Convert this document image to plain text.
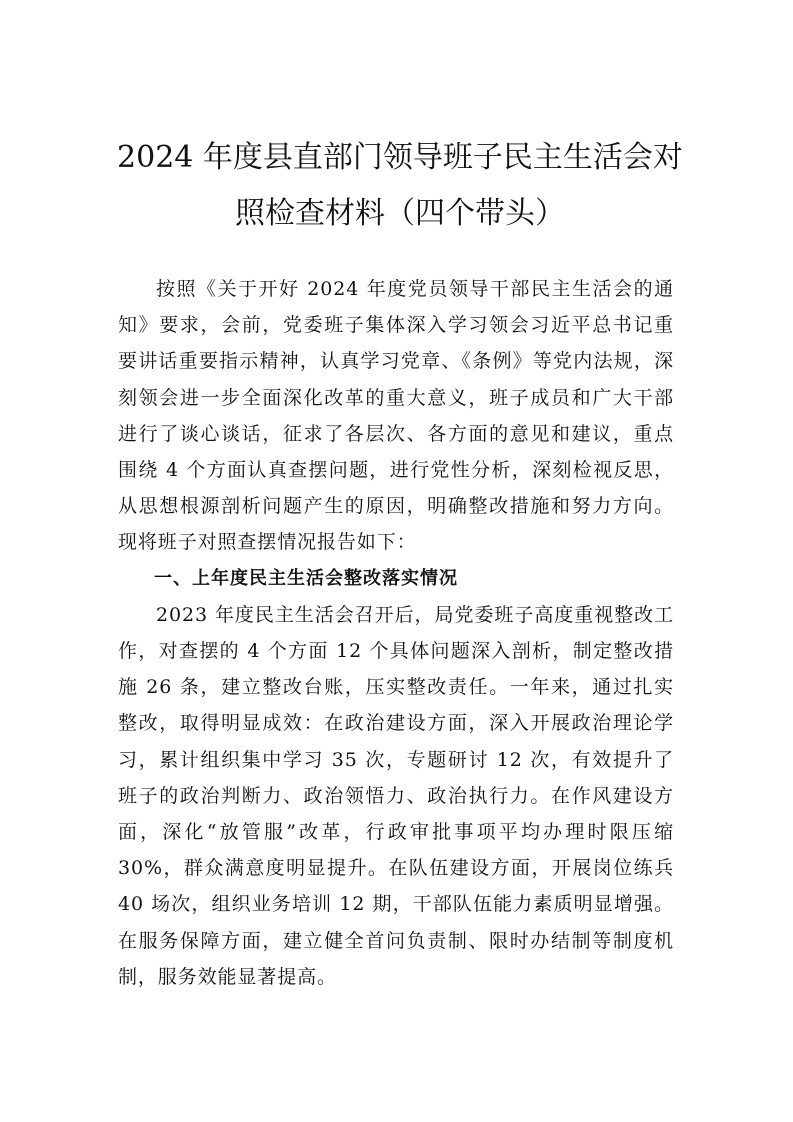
2024 年度县直部门领导班子民主生活会对
照检查材料（四个带头）

按照《关于开好 2024 年度党员领导干部民主生活会的通知》要求，会前，党委班子集体深入学习领会习近平总书记重要讲话重要指示精神，认真学习党章、《条例》等党内法规，深刻领会进一步全面深化改革的重大意义，班子成员和广大干部进行了谈心谈话，征求了各层次、各方面的意见和建议，重点围绕 4 个方面认真查摆问题，进行党性分析，深刻检视反思，从思想根源剖析问题产生的原因，明确整改措施和努力方向。现将班子对照查摆情况报告如下：

一、上年度民主生活会整改落实情况

2023 年度民主生活会召开后，局党委班子高度重视整改工作，对查摆的 4 个方面 12 个具体问题深入剖析，制定整改措施 26 条，建立整改台账，压实整改责任。一年来，通过扎实整改，取得明显成效：在政治建设方面，深入开展政治理论学习，累计组织集中学习 35 次，专题研讨 12 次，有效提升了班子的政治判断力、政治领悟力、政治执行力。在作风建设方面，深化“放管服”改革，行政审批事项平均办理时限压缩 30%，群众满意度明显提升。在队伍建设方面，开展岗位练兵 40 场次，组织业务培训 12 期，干部队伍能力素质明显增强。在服务保障方面，建立健全首问负责制、限时办结制等制度机制，服务效能显著提高。
